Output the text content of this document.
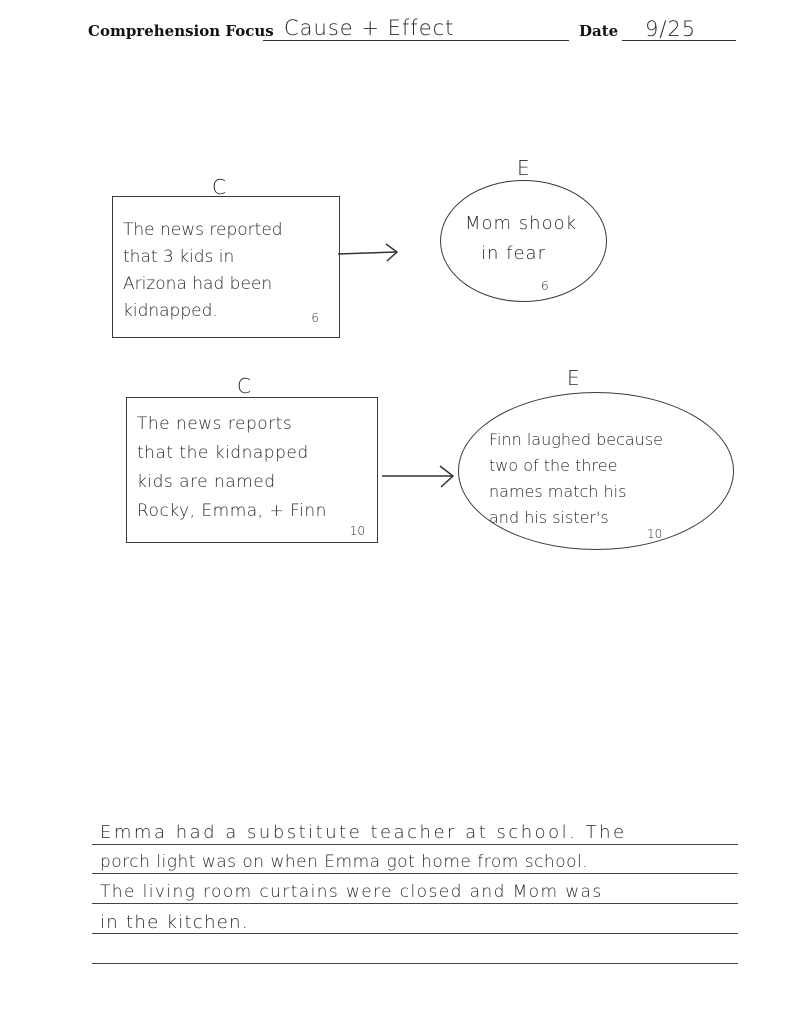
Comprehension Focus Cause + Effect	Date 9/25
C
The news reported
that 3 kids in
Arizona had been
kidnapped.	6
E
Mom shook
in fear
6
C
The news reports
that the kidnapped
kids are named
Rocky, Emma, + Finn
10
E
Finn laughed because
two of the three
names match his
and his sister's
10
Emma had a substitute teacher at school. The
porch light was on when Emma got home from school.
The living room curtains were closed and Mom was
in the kitchen.
